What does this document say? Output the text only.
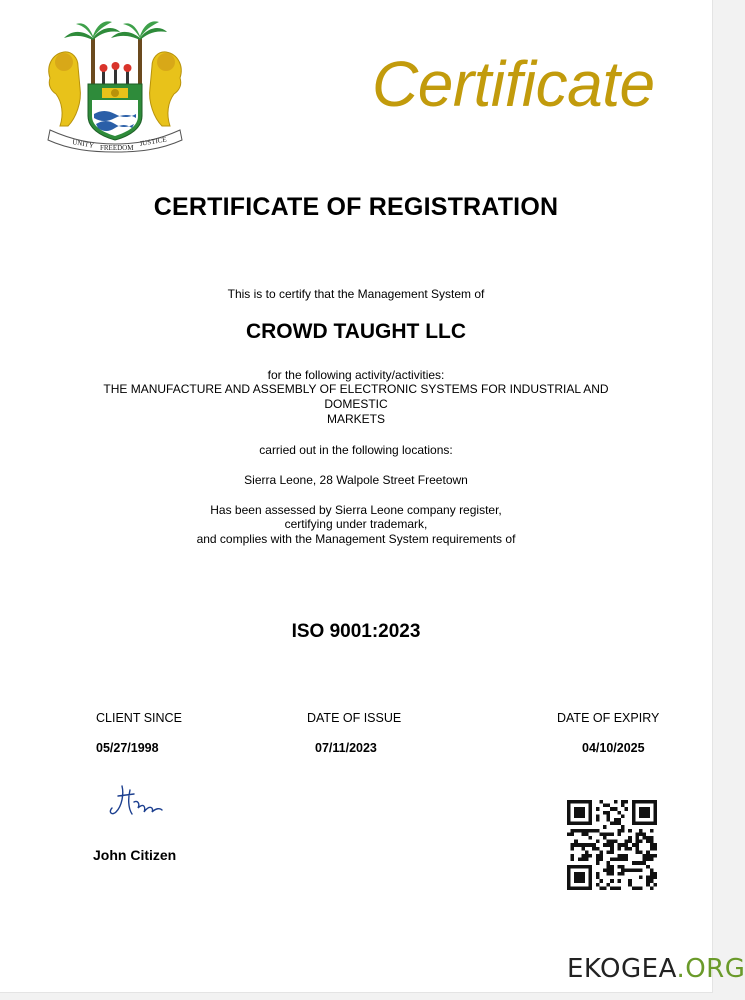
UNITY FREEDOM
JUSTICE
Certificate
CERTIFICATE OF REGISTRATION
This is to certify that the Management System of
CROWD TAUGHT LLC
for the following activity/activities:
THE MANUFACTURE AND ASSEMBLY OF ELECTRONIC SYSTEMS FOR INDUSTRIAL AND
DOMESTIC
MARKETS
carried out in the following locations:
Sierra Leone, 28 Walpole Street Freetown
Has been assessed by Sierra Leone company register,
certifying under trademark,
and complies with the Management System requirements of
ISO 9001:2023
CLIENT SINCE
05/27/1998
DATE OF ISSUE
07/11/2023
DATE OF EXPIRY
04/10/2025
John Citizen
EKOGEA.ORG
